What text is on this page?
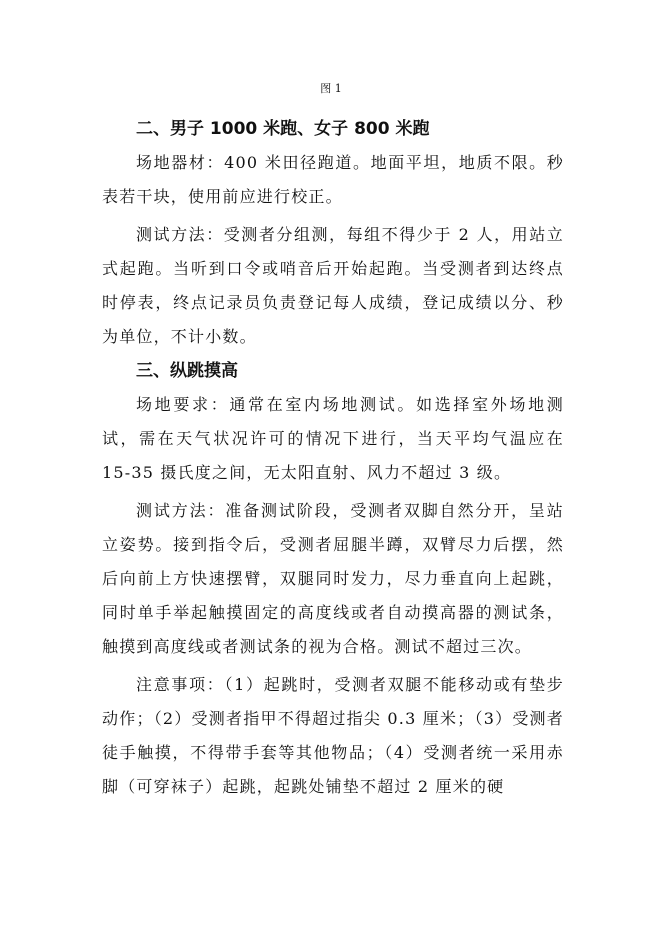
图 1

二、男子 1000 米跑、女子 800 米跑

场地器材：400 米田径跑道。地面平坦，地质不限。秒表若干块，使用前应进行校正。

测试方法：受测者分组测，每组不得少于 2 人，用站立式起跑。当听到口令或哨音后开始起跑。当受测者到达终点时停表，终点记录员负责登记每人成绩，登记成绩以分、秒为单位，不计小数。

三、纵跳摸高

场地要求：通常在室内场地测试。如选择室外场地测试，需在天气状况许可的情况下进行，当天平均气温应在 15-35 摄氏度之间，无太阳直射、风力不超过 3 级。

测试方法：准备测试阶段，受测者双脚自然分开，呈站立姿势。接到指令后，受测者屈腿半蹲，双臂尽力后摆，然后向前上方快速摆臂，双腿同时发力，尽力垂直向上起跳，同时单手举起触摸固定的高度线或者自动摸高器的测试条，触摸到高度线或者测试条的视为合格。测试不超过三次。

注意事项：（1）起跳时，受测者双腿不能移动或有垫步动作；（2）受测者指甲不得超过指尖 0.3 厘米；（3）受测者徒手触摸，不得带手套等其他物品；（4）受测者统一采用赤脚（可穿袜子）起跳，起跳处铺垫不超过 2 厘米的硬
